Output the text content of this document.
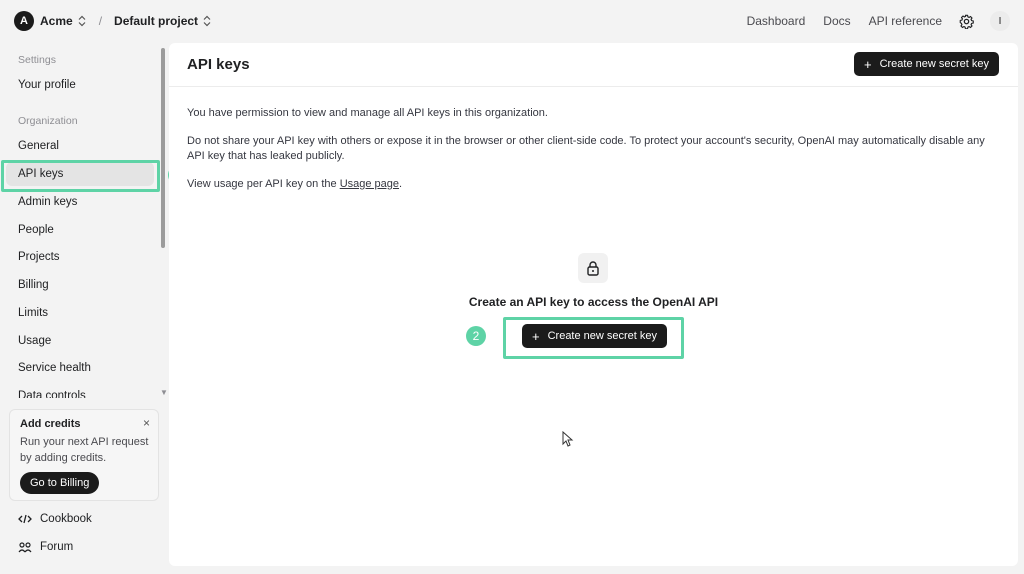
A	Acme / Default project	Dashboard Docs API reference	I
Settings
Your profile
Organization
General
API keys
Admin keys
People
Projects
Billing
Limits
Usage
Service health
Data controls	▼
Add credits	×
Run your next API request by adding credits.
Go to Billing
Cookbook
Forum
API keys	+ Create new secret key

You have permission to view and manage all API keys in this organization.

Do not share your API key with others or expose it in the browser or other client-side code. To protect your account's security, OpenAI may automatically disable any API key that has leaked publicly.

View usage per API key on the Usage page.

Create an API key to access the OpenAI API
+ Create new secret key
2
